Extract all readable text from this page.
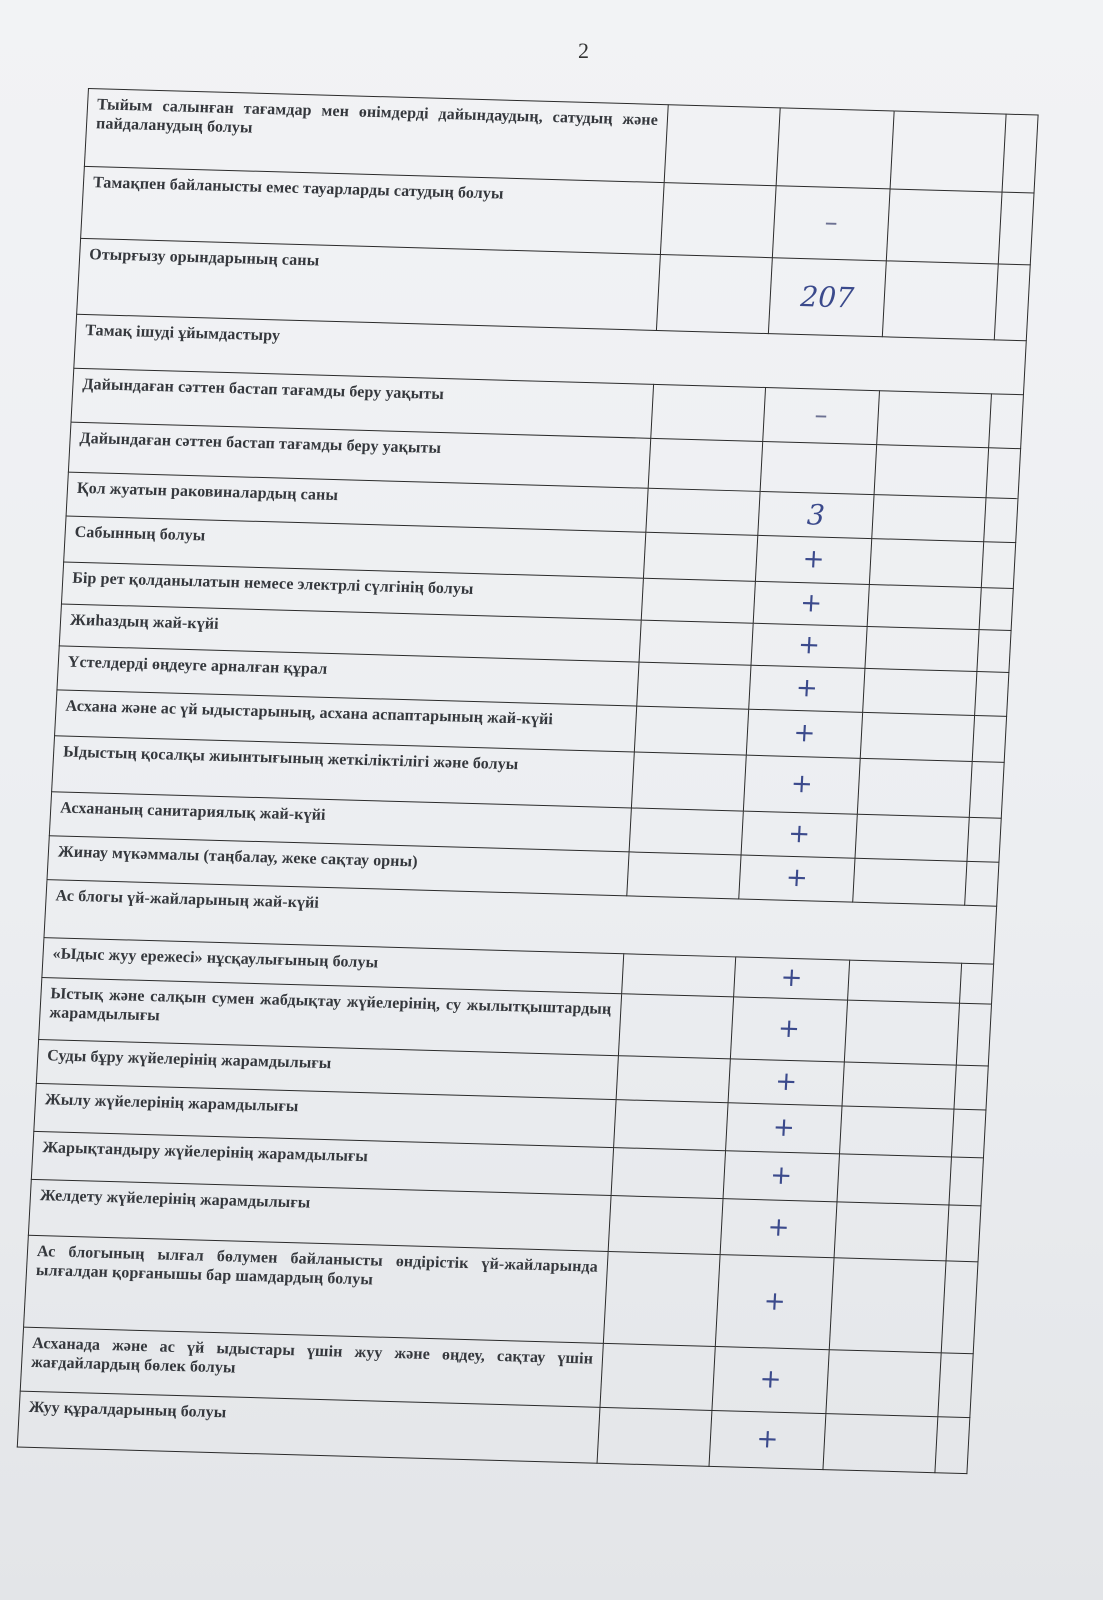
2
Тыйым салынған тағамдар мен өнімдерді дайындаудың, сатудың және пайдаланудың болуы				
Тамақпен байланысты емес тауарларды сатудың болуы		–		
Отырғызу орындарының саны		207		
Тамақ ішуді ұйымдастыру				
Дайындаған сәттен бастап тағамды беру уақыты		–		
Дайындаған сәттен бастап тағамды беру уақыты				
Қол жуатын раковиналардың саны		3		
Сабынның болуы		+		
Бір рет қолданылатын немесе электрлі сүлгінің болуы		+		
Жиһаздың жай-күйі		+		
Үстелдерді өңдеуге арналған құрал		+		
Асхана және ас үй ыдыстарының, асхана аспаптарының жай-күйі		+		
Ыдыстың қосалқы жиынтығының жеткіліктілігі және болуы		+		
Асхананың санитариялық жай-күйі		+		
Жинау мүкәммалы (таңбалау, жеке сақтау орны)		+		
Ас блогы үй-жайларының жай-күйі				
«Ыдыс жуу ережесі» нұсқаулығының болуы		+		
Ыстық және салқын сумен жабдықтау жүйелерінің, су жылытқыштардың жарамдылығы		+		
Суды бұру жүйелерінің жарамдылығы		+		
Жылу жүйелерінің жарамдылығы		+		
Жарықтандыру жүйелерінің жарамдылығы		+		
Желдету жүйелерінің жарамдылығы		+		
Ас блогының ылғал бөлумен байланысты өндірістік үй-жайларында ылғалдан қорғанышы бар шамдардың болуы		+		
Асханада және ас үй ыдыстары үшін жуу және өңдеу, сақтау үшін жағдайлардың бөлек болуы		+		
Жуу құралдарының болуы		+		
